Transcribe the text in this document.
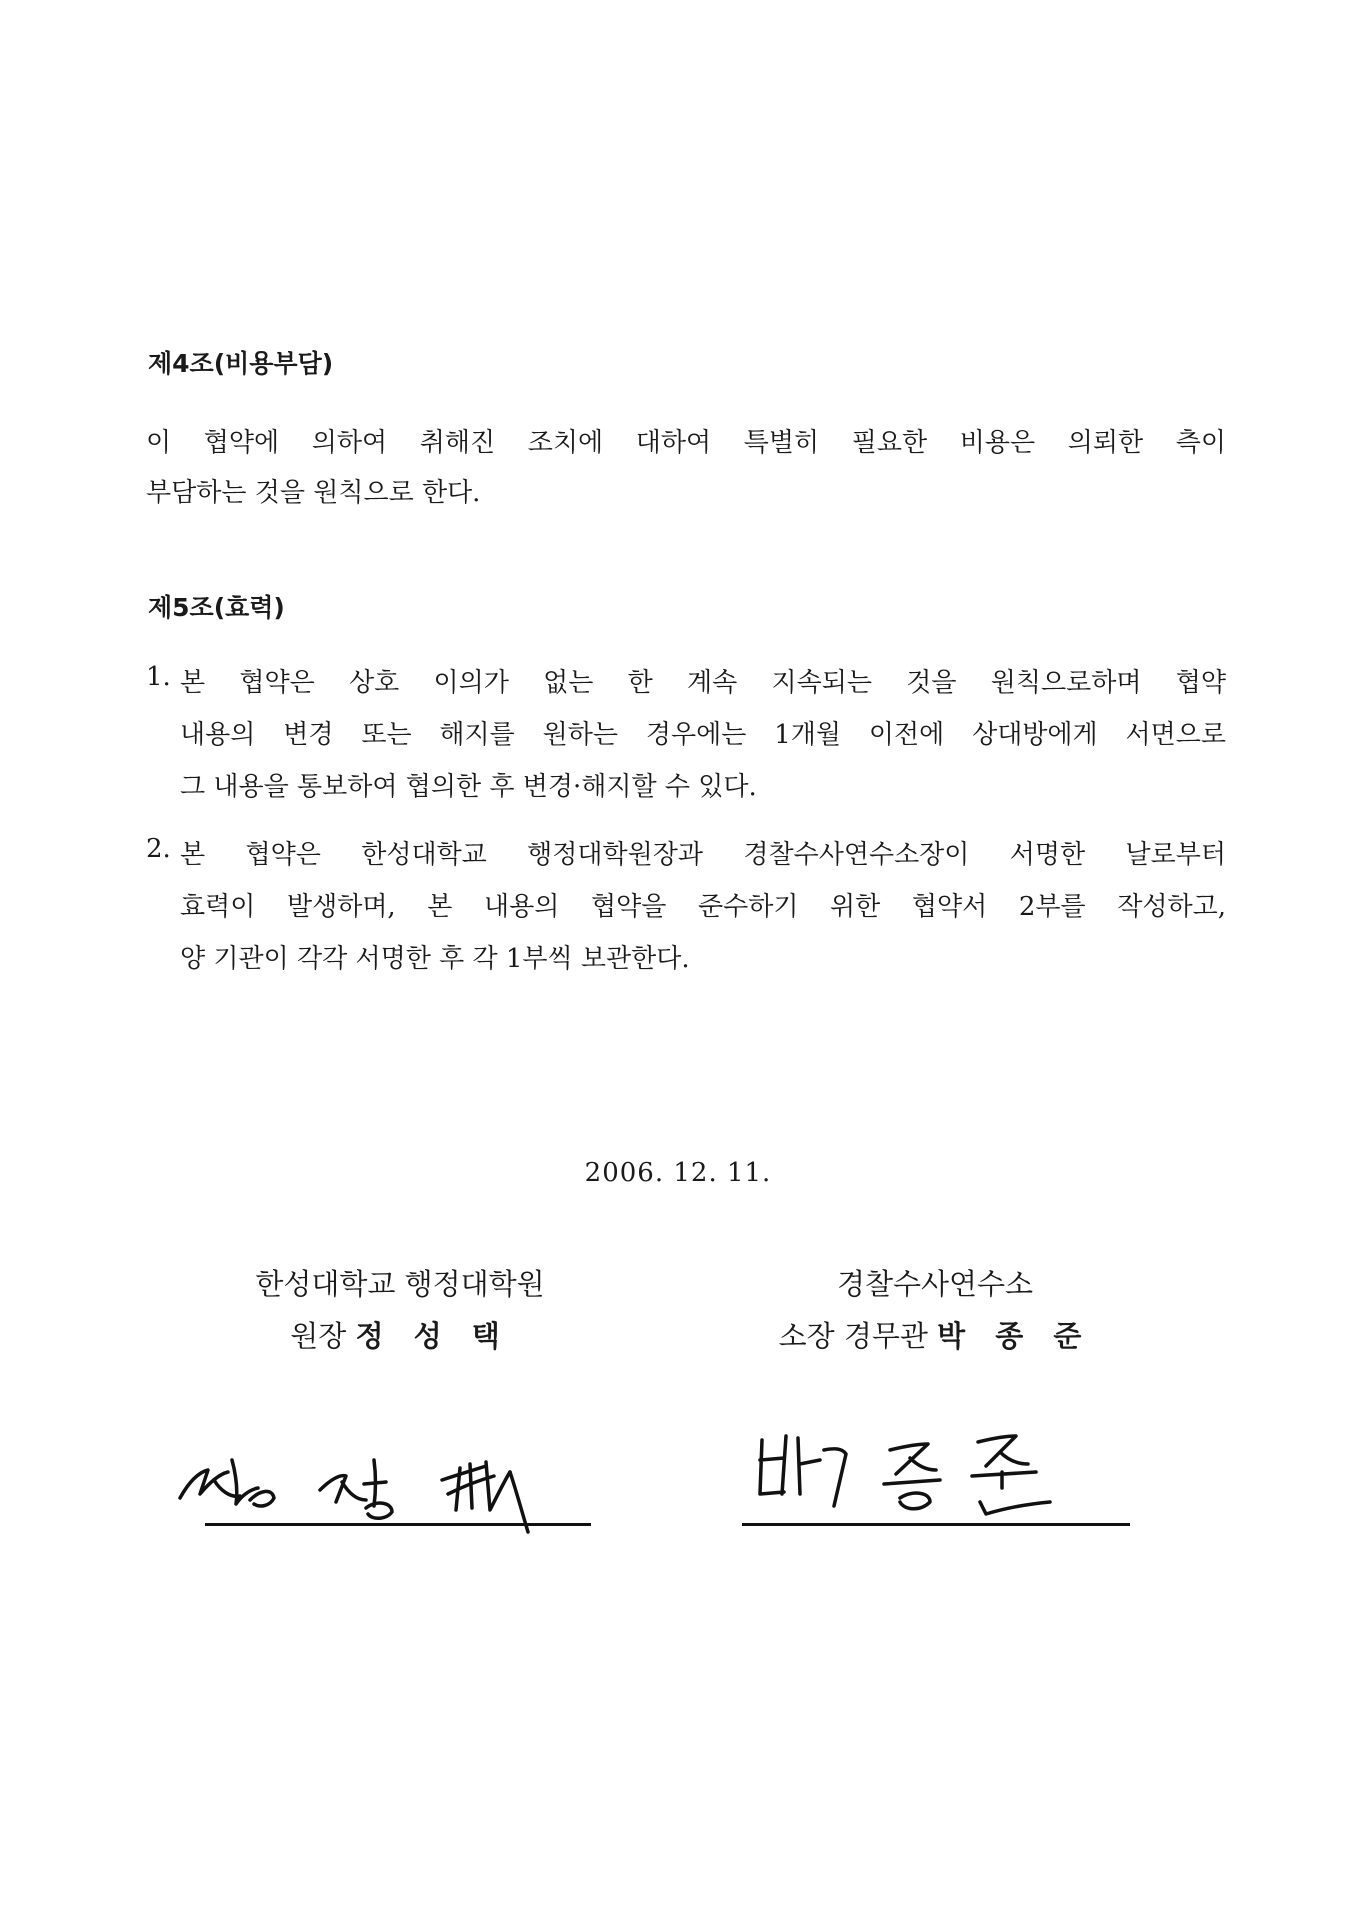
제4조(비용부담)
이 협약에 의하여 취해진 조치에 대하여 특별히 필요한 비용은 의뢰한 측이
부담하는 것을 원칙으로 한다.
제5조(효력)
1. 본 협약은 상호 이의가 없는 한 계속 지속되는 것을 원칙으로하며 협약
내용의 변경 또는 해지를 원하는 경우에는 1개월 이전에 상대방에게 서면으로
그 내용을 통보하여 협의한 후 변경·해지할 수 있다.
2. 본 협약은 한성대학교 행정대학원장과 경찰수사연수소장이 서명한 날로부터
효력이 발생하며, 본 내용의 협약을 준수하기 위한 협약서 2부를 작성하고,
양 기관이 각각 서명한 후 각 1부씩 보관한다.
2006. 12. 11.
한성대학교 행정대학원
원장 정 성 택
경찰수사연수소
소장 경무관 박 종 준
